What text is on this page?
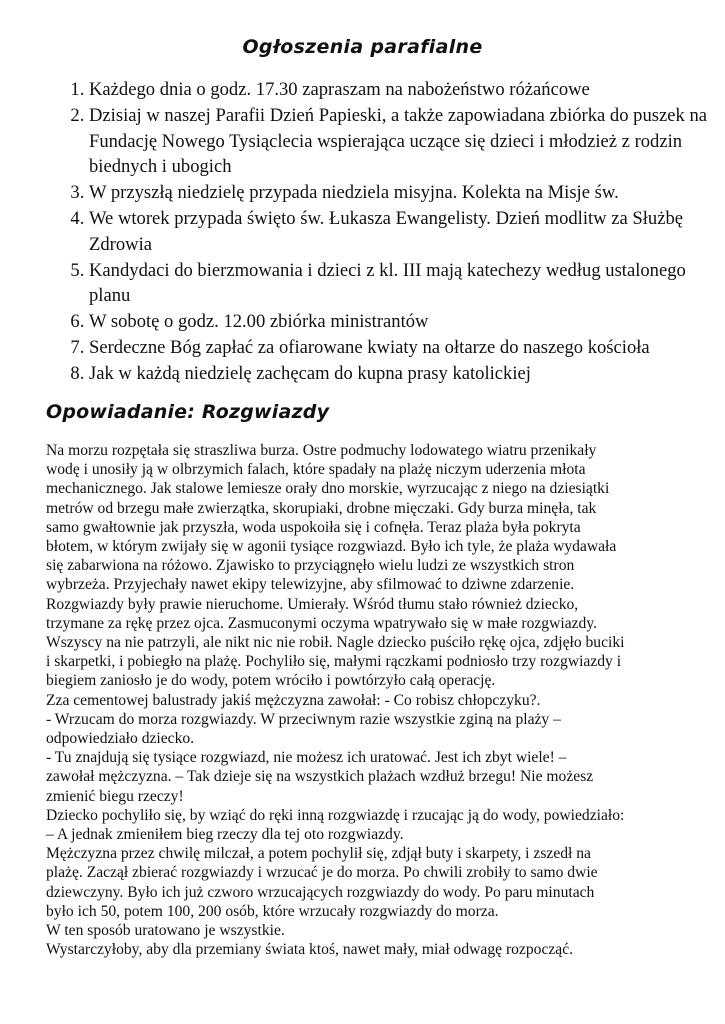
Ogłoszenia parafialne
1. Każdego dnia o godz. 17.30 zapraszam na nabożeństwo różańcowe
2. Dzisiaj w naszej Parafii Dzień Papieski, a także zapowiadana zbiórka do puszek na Fundację Nowego Tysiąclecia wspierająca uczące się dzieci i młodzież z rodzin biednych i ubogich
3. W przyszłą niedzielę przypada niedziela misyjna. Kolekta na Misje św.
4. We wtorek przypada święto św. Łukasza Ewangelisty. Dzień modlitw za Służbę Zdrowia
5. Kandydaci do bierzmowania i dzieci z kl. III mają katechezy według ustalonego planu
6. W sobotę o godz. 12.00 zbiórka ministrantów
7. Serdeczne Bóg zapłać za ofiarowane kwiaty na ołtarze do naszego kościoła
8. Jak w każdą niedzielę zachęcam do kupna prasy katolickiej
Opowiadanie: Rozgwiazdy
Na morzu rozpętała się straszliwa burza. Ostre podmuchy lodowatego wiatru przenikały
wodę i unosiły ją w olbrzymich falach, które spadały na plażę niczym uderzenia młota
mechanicznego. Jak stalowe lemiesze orały dno morskie, wyrzucając z niego na dziesiątki
metrów od brzegu małe zwierzątka, skorupiaki, drobne mięczaki. Gdy burza minęła, tak
samo gwałtownie jak przyszła, woda uspokoiła się i cofnęła. Teraz plaża była pokryta
błotem, w którym zwijały się w agonii tysiące rozgwiazd. Było ich tyle, że plaża wydawała
się zabarwiona na różowo. Zjawisko to przyciągnęło wielu ludzi ze wszystkich stron
wybrzeża. Przyjechały nawet ekipy telewizyjne, aby sfilmować to dziwne zdarzenie.
Rozgwiazdy były prawie nieruchome. Umierały. Wśród tłumu stało również dziecko,
trzymane za rękę przez ojca. Zasmuconymi oczyma wpatrywało się w małe rozgwiazdy.
Wszyscy na nie patrzyli, ale nikt nic nie robił. Nagle dziecko puściło rękę ojca, zdjęło buciki
i skarpetki, i pobiegło na plażę. Pochyliło się, małymi rączkami podniosło trzy rozgwiazdy i
biegiem zaniosło je do wody, potem wróciło i powtórzyło całą operację.
Zza cementowej balustrady jakiś mężczyzna zawołał: - Co robisz chłopczyku?.
- Wrzucam do morza rozgwiazdy. W przeciwnym razie wszystkie zginą na plaży –
odpowiedziało dziecko.
- Tu znajdują się tysiące rozgwiazd, nie możesz ich uratować. Jest ich zbyt wiele! –
zawołał mężczyzna. – Tak dzieje się na wszystkich plażach wzdłuż brzegu! Nie możesz
zmienić biegu rzeczy!
Dziecko pochyliło się, by wziąć do ręki inną rozgwiazdę i rzucając ją do wody, powiedziało:
– A jednak zmieniłem bieg rzeczy dla tej oto rozgwiazdy.
Mężczyzna przez chwilę milczał, a potem pochylił się, zdjął buty i skarpety, i zszedł na
plażę. Zaczął zbierać rozgwiazdy i wrzucać je do morza. Po chwili zrobiły to samo dwie
dziewczyny. Było ich już czworo wrzucających rozgwiazdy do wody. Po paru minutach
było ich 50, potem 100, 200 osób, które wrzucały rozgwiazdy do morza.
W ten sposób uratowano je wszystkie.
Wystarczyłoby, aby dla przemiany świata ktoś, nawet mały, miał odwagę rozpocząć.
